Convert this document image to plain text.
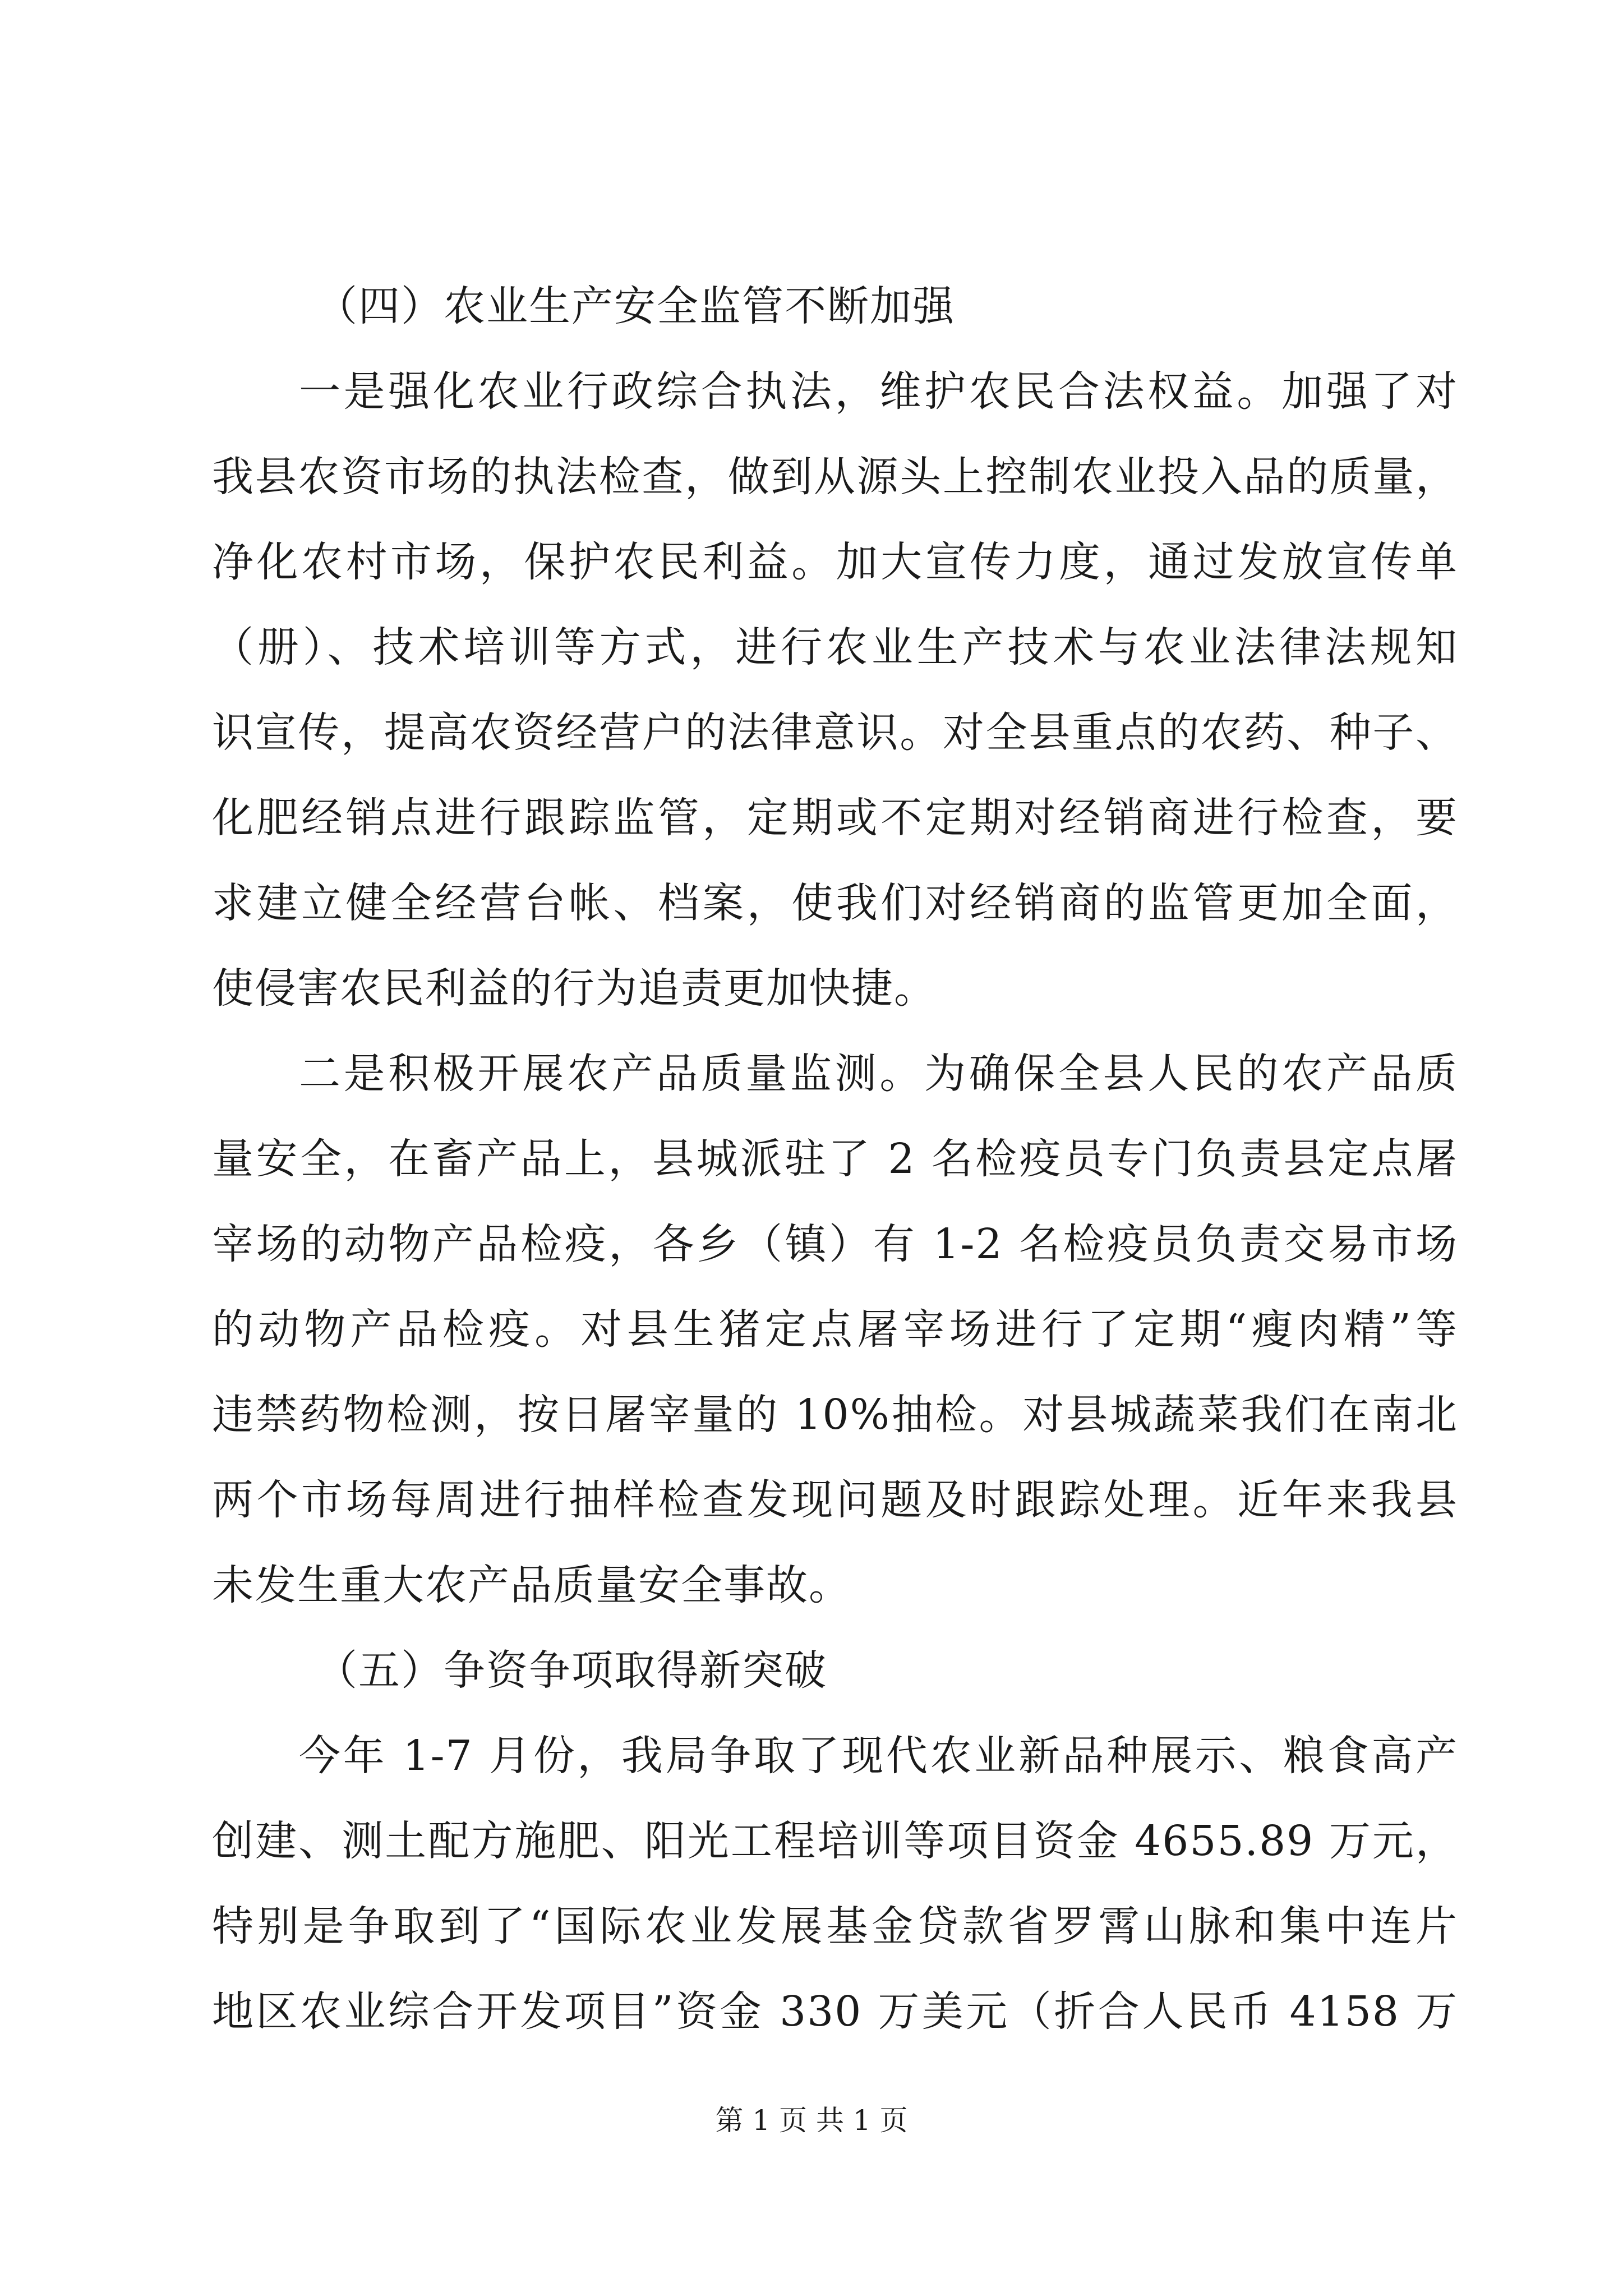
（四）农业生产安全监管不断加强
一是强化农业行政综合执法，维护农民合法权益。加强了对
我县农资市场的执法检查，做到从源头上控制农业投入品的质量，
净化农村市场，保护农民利益。加大宣传力度，通过发放宣传单
（册）、技术培训等方式，进行农业生产技术与农业法律法规知
识宣传，提高农资经营户的法律意识。对全县重点的农药、种子、
化肥经销点进行跟踪监管，定期或不定期对经销商进行检查，要
求建立健全经营台帐、档案，使我们对经销商的监管更加全面，
使侵害农民利益的行为追责更加快捷。
二是积极开展农产品质量监测。为确保全县人民的农产品质
量安全，在畜产品上，县城派驻了 2 名检疫员专门负责县定点屠
宰场的动物产品检疫，各乡（镇）有 1-2 名检疫员负责交易市场
的动物产品检疫。对县生猪定点屠宰场进行了定期“瘦肉精”等
违禁药物检测，按日屠宰量的 10%抽检。对县城蔬菜我们在南北
两个市场每周进行抽样检查发现问题及时跟踪处理。近年来我县
未发生重大农产品质量安全事故。
（五）争资争项取得新突破
今年 1-7 月份，我局争取了现代农业新品种展示、粮食高产
创建、测土配方施肥、阳光工程培训等项目资金 4655.89 万元，
特别是争取到了“国际农业发展基金贷款省罗霄山脉和集中连片
地区农业综合开发项目”资金 330 万美元（折合人民币 4158 万
第 1 页 共 1 页
